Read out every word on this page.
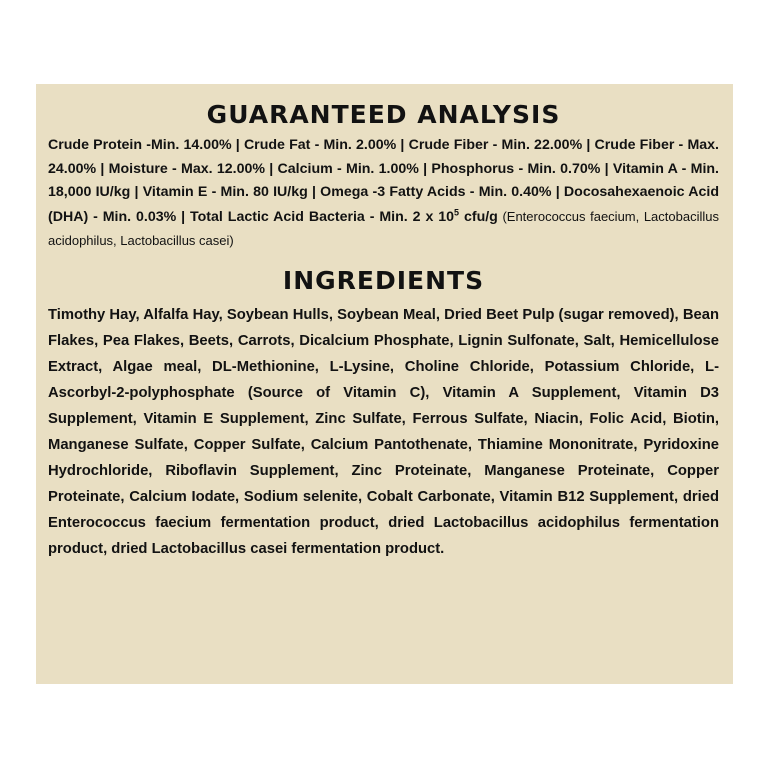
GUARANTEED ANALYSIS

Crude Protein -Min. 14.00% | Crude Fat - Min. 2.00% | Crude Fiber - Min. 22.00% | Crude Fiber - Max. 24.00% | Moisture - Max. 12.00% | Calcium - Min. 1.00% | Phosphorus - Min. 0.70% | Vitamin A - Min. 18,000 IU/kg | Vitamin E - Min. 80 IU/kg | Omega -3 Fatty Acids - Min. 0.40% | Docosahexaenoic Acid (DHA) - Min. 0.03% | Total Lactic Acid Bacteria - Min. 2 x $10^5$ cfu/g (Enterococcus faecium, Lactobacillus acidophilus, Lactobacillus casei)

INGREDIENTS

Timothy Hay, Alfalfa Hay, Soybean Hulls, Soybean Meal, Dried Beet Pulp (sugar removed), Bean Flakes, Pea Flakes, Beets, Carrots, Dicalcium Phosphate, Lignin Sulfonate, Salt, Hemicellulose Extract, Algae meal, DL-Methionine, L-Lysine, Choline Chloride, Potassium Chloride, L-Ascorbyl-2-polyphosphate (Source of Vitamin C), Vitamin A Supplement, Vitamin D3 Supplement, Vitamin E Supplement, Zinc Sulfate, Ferrous Sulfate, Niacin, Folic Acid, Biotin, Manganese Sulfate, Copper Sulfate, Calcium Pantothenate, Thiamine Mononitrate, Pyridoxine Hydrochloride, Riboflavin Supplement, Zinc Proteinate, Manganese Proteinate, Copper Proteinate, Calcium Iodate, Sodium selenite, Cobalt Carbonate, Vitamin B12 Supplement, dried Enterococcus faecium fermentation product, dried Lactobacillus acidophilus fermentation product, dried Lactobacillus casei fermentation product.
